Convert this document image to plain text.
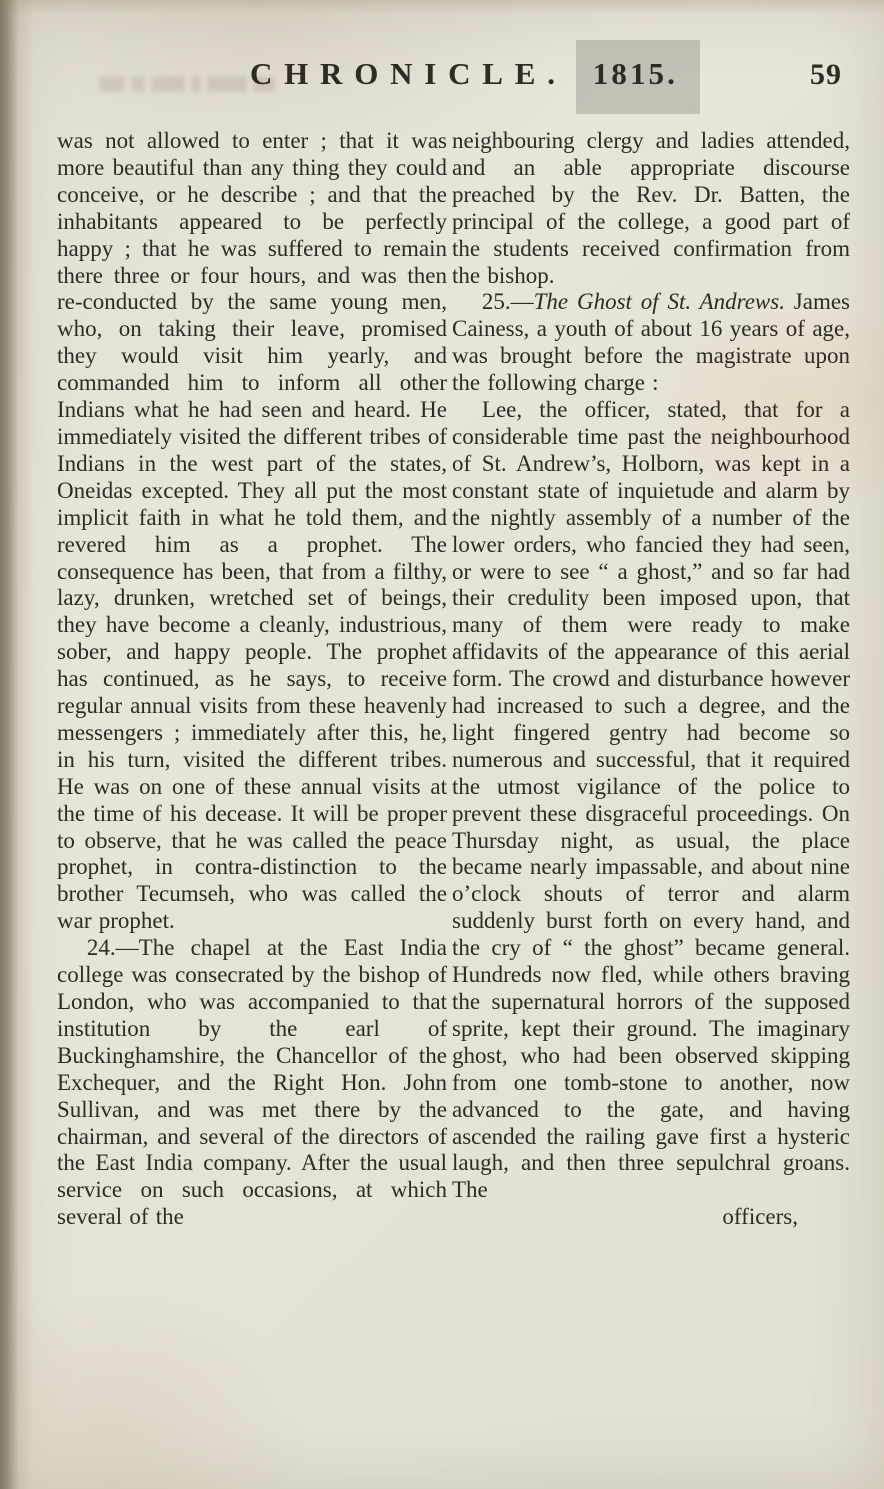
CHRONICLE. 1815.	59

was not allowed to enter ; that it was more beautiful than any thing they could conceive, or he describe ; and that the inhabitants appeared to be perfectly happy ; that he was suffered to remain there three or four hours, and was then re-conducted by the same young men, who, on taking their leave, promised they would visit him yearly, and commanded him to inform all other Indians what he had seen and heard. He immediately visited the different tribes of Indians in the west part of the states, Oneidas excepted. They all put the most implicit faith in what he told them, and revered him as a prophet. The consequence has been, that from a filthy, lazy, drunken, wretched set of beings, they have become a cleanly, industrious, sober, and happy people. The prophet has continued, as he says, to receive regular annual visits from these heavenly messengers ; immediately after this, he, in his turn, visited the different tribes. He was on one of these annual visits at the time of his decease. It will be proper to observe, that he was called the peace prophet, in contra-distinction to the brother Tecumseh, who was called the war prophet.

24.—The chapel at the East India college was consecrated by the bishop of London, who was accompanied to that institution by the earl of Buckinghamshire, the Chancellor of the Exchequer, and the Right Hon. John Sullivan, and was met there by the chairman, and several of the directors of the East India company. After the usual service on such occasions, at which several of the

neighbouring clergy and ladies attended, and an able appropriate discourse preached by the Rev. Dr. Batten, the principal of the college, a good part of the students received confirmation from the bishop.

25.—The Ghost of St. Andrews. James Cainess, a youth of about 16 years of age, was brought before the magistrate upon the following charge :

Lee, the officer, stated, that for a considerable time past the neighbourhood of St. Andrew’s, Holborn, was kept in a constant state of inquietude and alarm by the nightly assembly of a number of the lower orders, who fancied they had seen, or were to see “ a ghost,” and so far had their credulity been imposed upon, that many of them were ready to make affidavits of the appearance of this aerial form. The crowd and disturbance however had increased to such a degree, and the light fingered gentry had become so numerous and successful, that it required the utmost vigilance of the police to prevent these disgraceful proceedings. On Thursday night, as usual, the place became nearly impassable, and about nine o’clock shouts of terror and alarm suddenly burst forth on every hand, and the cry of “ the ghost” became general. Hundreds now fled, while others braving the supernatural horrors of the supposed sprite, kept their ground. The imaginary ghost, who had been observed skipping from one tomb-stone to another, now advanced to the gate, and having ascended the railing gave first a hysteric laugh, and then three sepulchral groans. The

officers,
